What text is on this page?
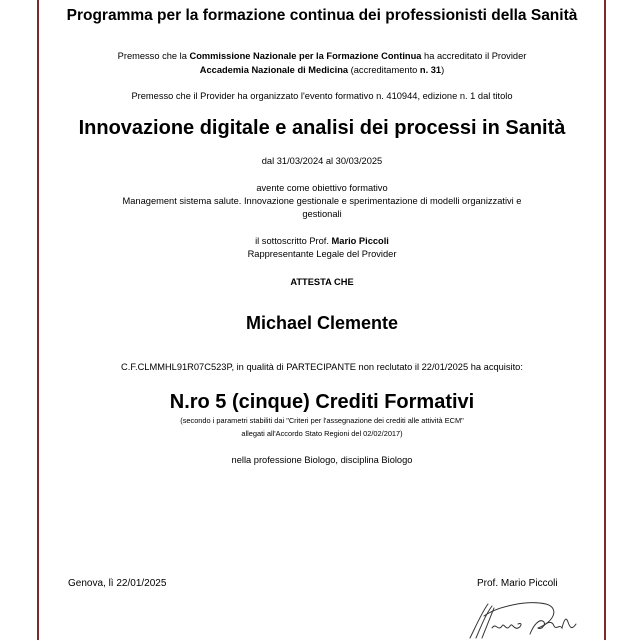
Programma per la formazione continua dei professionisti della Sanità
Premesso che la Commissione Nazionale per la Formazione Continua ha accreditato il Provider
Accademia Nazionale di Medicina (accreditamento n. 31)
Premesso che il Provider ha organizzato l'evento formativo n. 410944, edizione n. 1 dal titolo
Innovazione digitale e analisi dei processi in Sanità
dal 31/03/2024 al 30/03/2025
avente come obiettivo formativo
Management sistema salute. Innovazione gestionale e sperimentazione di modelli organizzativi e
gestionali
il sottoscritto Prof. Mario Piccoli
Rappresentante Legale del Provider
ATTESTA CHE
Michael Clemente
C.F.CLMMHL91R07C523P, in qualità di PARTECIPANTE non reclutato il 22/01/2025 ha acquisito:
N.ro 5 (cinque) Crediti Formativi
(secondo i parametri stabiliti dai "Criteri per l'assegnazione dei crediti alle attività ECM"
allegati all'Accordo Stato Regioni del 02/02/2017)
nella professione Biologo, disciplina Biologo
Genova, lì 22/01/2025	Prof. Mario Piccoli
